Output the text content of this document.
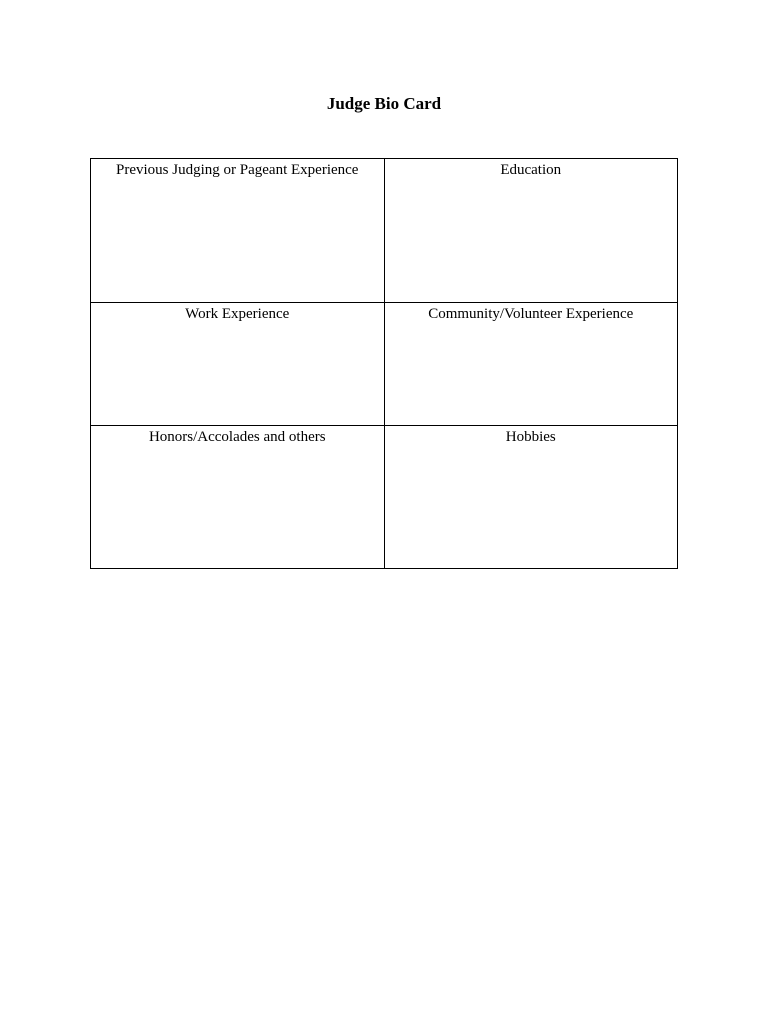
Judge Bio Card
Previous Judging or Pageant Experience	Education
Work Experience	Community/Volunteer Experience
Honors/Accolades and others	Hobbies
